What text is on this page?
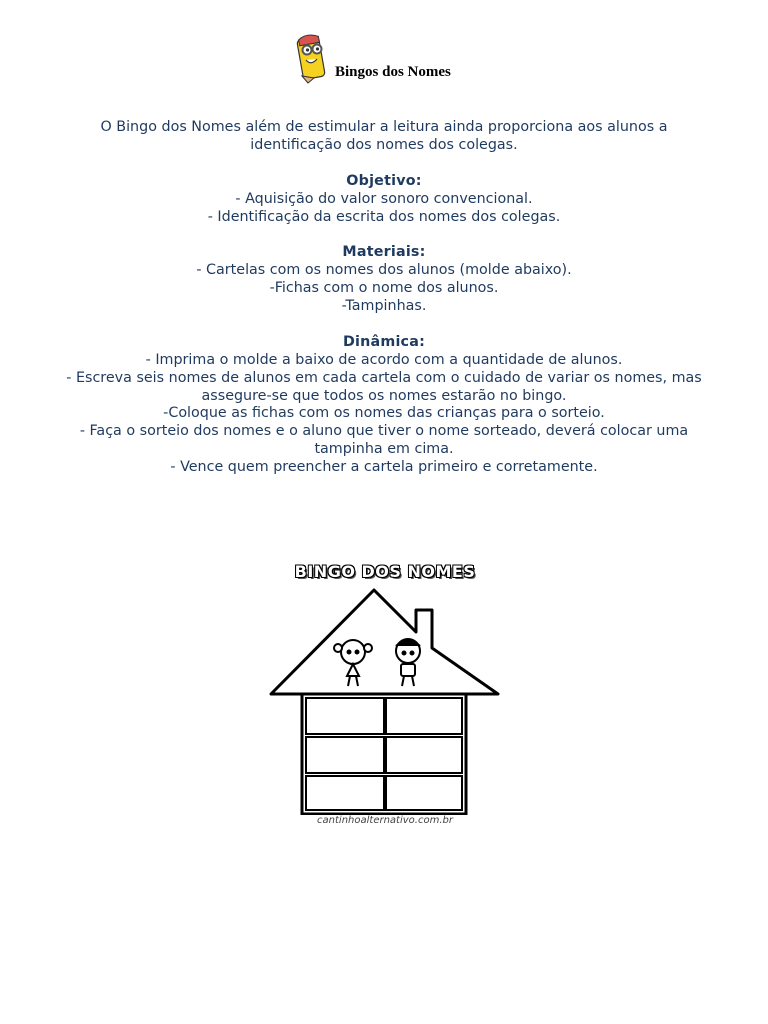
Bingos dos Nomes

O Bingo dos Nomes além de estimular a leitura ainda proporciona aos alunos a

identificação dos nomes dos colegas.

Objetivo:

- Aquisição do valor sonoro convencional.

- Identificação da escrita dos nomes dos colegas.

Materiais:

- Cartelas com os nomes dos alunos (molde abaixo).

-Fichas com o nome dos alunos.

-Tampinhas.

Dinâmica:

- Imprima o molde a baixo de acordo com a quantidade de alunos.

- Escreva seis nomes de alunos em cada cartela com o cuidado de variar os nomes, mas

assegure-se que todos os nomes estarão no bingo.

-Coloque as fichas com os nomes das crianças para o sorteio.

- Faça o sorteio dos nomes e o aluno que tiver o nome sorteado, deverá colocar uma

tampinha em cima.

- Vence quem preencher a cartela primeiro e corretamente.

BINGO DOS NOMES
cantinhoalternativo.com.br
